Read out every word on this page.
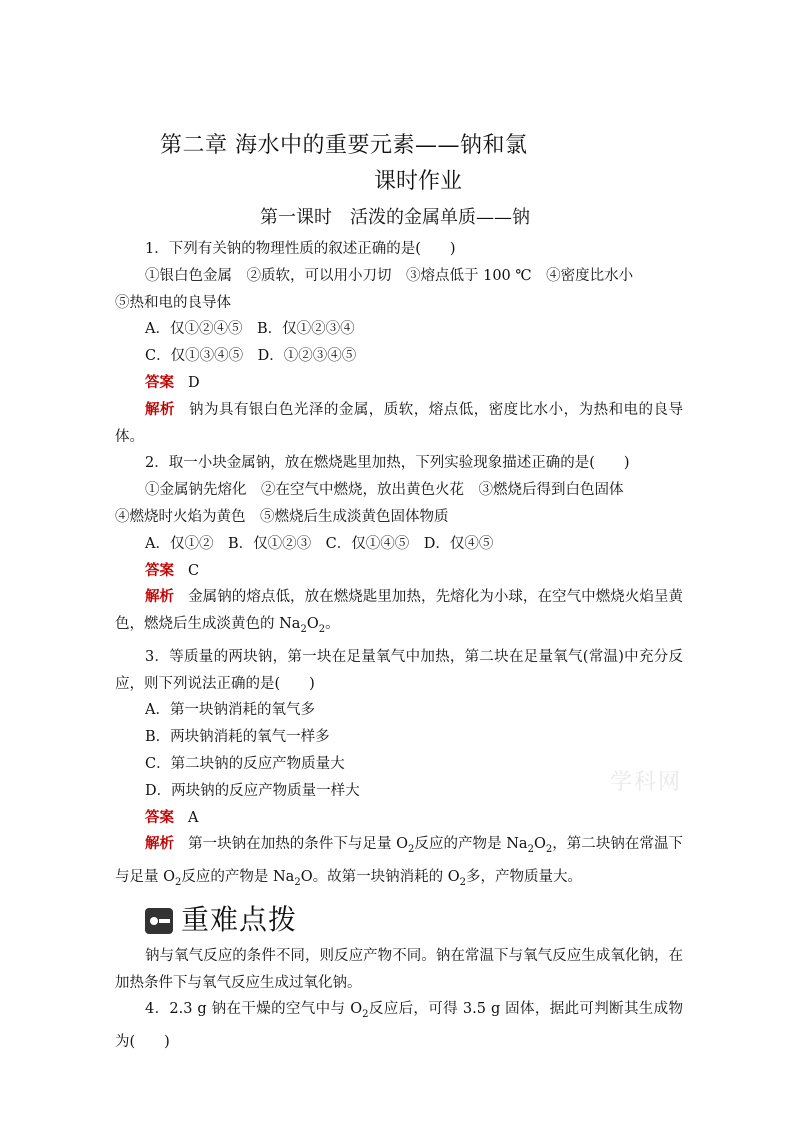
第二章 海水中的重要元素——钠和氯
课时作业
第一课时　活泼的金属单质——钠
学科网
1．下列有关钠的物理性质的叙述正确的是(　　)
①银白色金属　②质软，可以用小刀切　③熔点低于 100 ℃　④密度比水小
⑤热和电的良导体
A．仅①②④⑤　B．仅①②③④
C．仅①③④⑤　D．①②③④⑤
答案 D

解析 钠为具有银白色光泽的金属，质软，熔点低，密度比水小，为热和电的良导体。

2．取一小块金属钠，放在燃烧匙里加热，下列实验现象描述正确的是(　　)
①金属钠先熔化　②在空气中燃烧，放出黄色火花　③燃烧后得到白色固体
④燃烧时火焰为黄色　⑤燃烧后生成淡黄色固体物质
A．仅①②　B．仅①②③　C．仅①④⑤　D．仅④⑤
答案 C

解析 金属钠的熔点低，放在燃烧匙里加热，先熔化为小球，在空气中燃烧火焰呈黄色，燃烧后生成淡黄色的 $Na_2O_2$。

3．等质量的两块钠，第一块在足量氧气中加热，第二块在足量氧气(常温)中充分反应，则下列说法正确的是(　　)

A．第一块钠消耗的氧气多
B．两块钠消耗的氧气一样多
C．第二块钠的反应产物质量大
D．两块钠的反应产物质量一样大
答案 A

解析 第一块钠在加热的条件下与足量 $O_2$反应的产物是 $Na_2O_2$，第二块钠在常温下与足量 $O_2$反应的产物是 $Na_2O$。故第一块钠消耗的 $O_2$多，产物质量大。

重难点拨

钠与氧气反应的条件不同，则反应产物不同。钠在常温下与氧气反应生成氧化钠，在加热条件下与氧气反应生成过氧化钠。

4．2.3 g 钠在干燥的空气中与 $O_2$反应后，可得 3.5 g 固体，据此可判断其生成物为(　　)
